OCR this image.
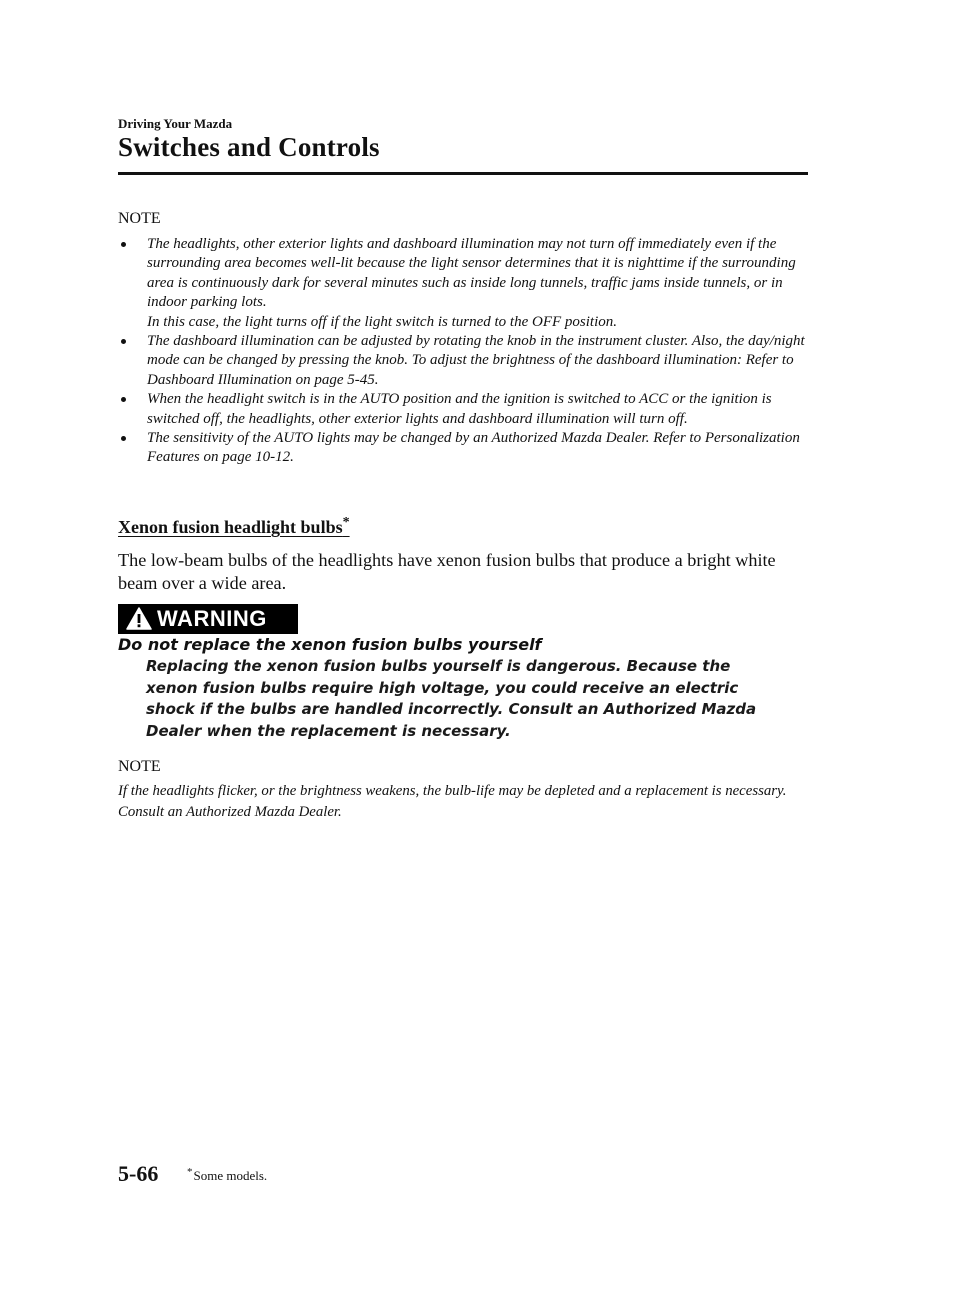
Driving Your Mazda
Switches and Controls
NOTE
The headlights, other exterior lights and dashboard illumination may not turn off immediately even if the surrounding area becomes well-lit because the light sensor determines that it is nighttime if the surrounding area is continuously dark for several minutes such as inside long tunnels, traffic jams inside tunnels, or in indoor parking lots.
In this case, the light turns off if the light switch is turned to the OFF position.
The dashboard illumination can be adjusted by rotating the knob in the instrument cluster. Also, the day/night mode can be changed by pressing the knob. To adjust the brightness of the dashboard illumination: Refer to Dashboard Illumination on page 5-45.
When the headlight switch is in the AUTO position and the ignition is switched to ACC or the ignition is switched off, the headlights, other exterior lights and dashboard illumination will turn off.
The sensitivity of the AUTO lights may be changed by an Authorized Mazda Dealer. Refer to Personalization Features on page 10-12.
Xenon fusion headlight bulbs*

The low-beam bulbs of the headlights have xenon fusion bulbs that produce a bright white beam over a wide area.

WARNING
Do not replace the xenon fusion bulbs yourself

Replacing the xenon fusion bulbs yourself is dangerous. Because the xenon fusion bulbs require high voltage, you could receive an electric shock if the bulbs are handled incorrectly. Consult an Authorized Mazda Dealer when the replacement is necessary.

NOTE

If the headlights flicker, or the brightness weakens, the bulb-life may be depleted and a replacement is necessary. Consult an Authorized Mazda Dealer.

5-66	*Some models.
